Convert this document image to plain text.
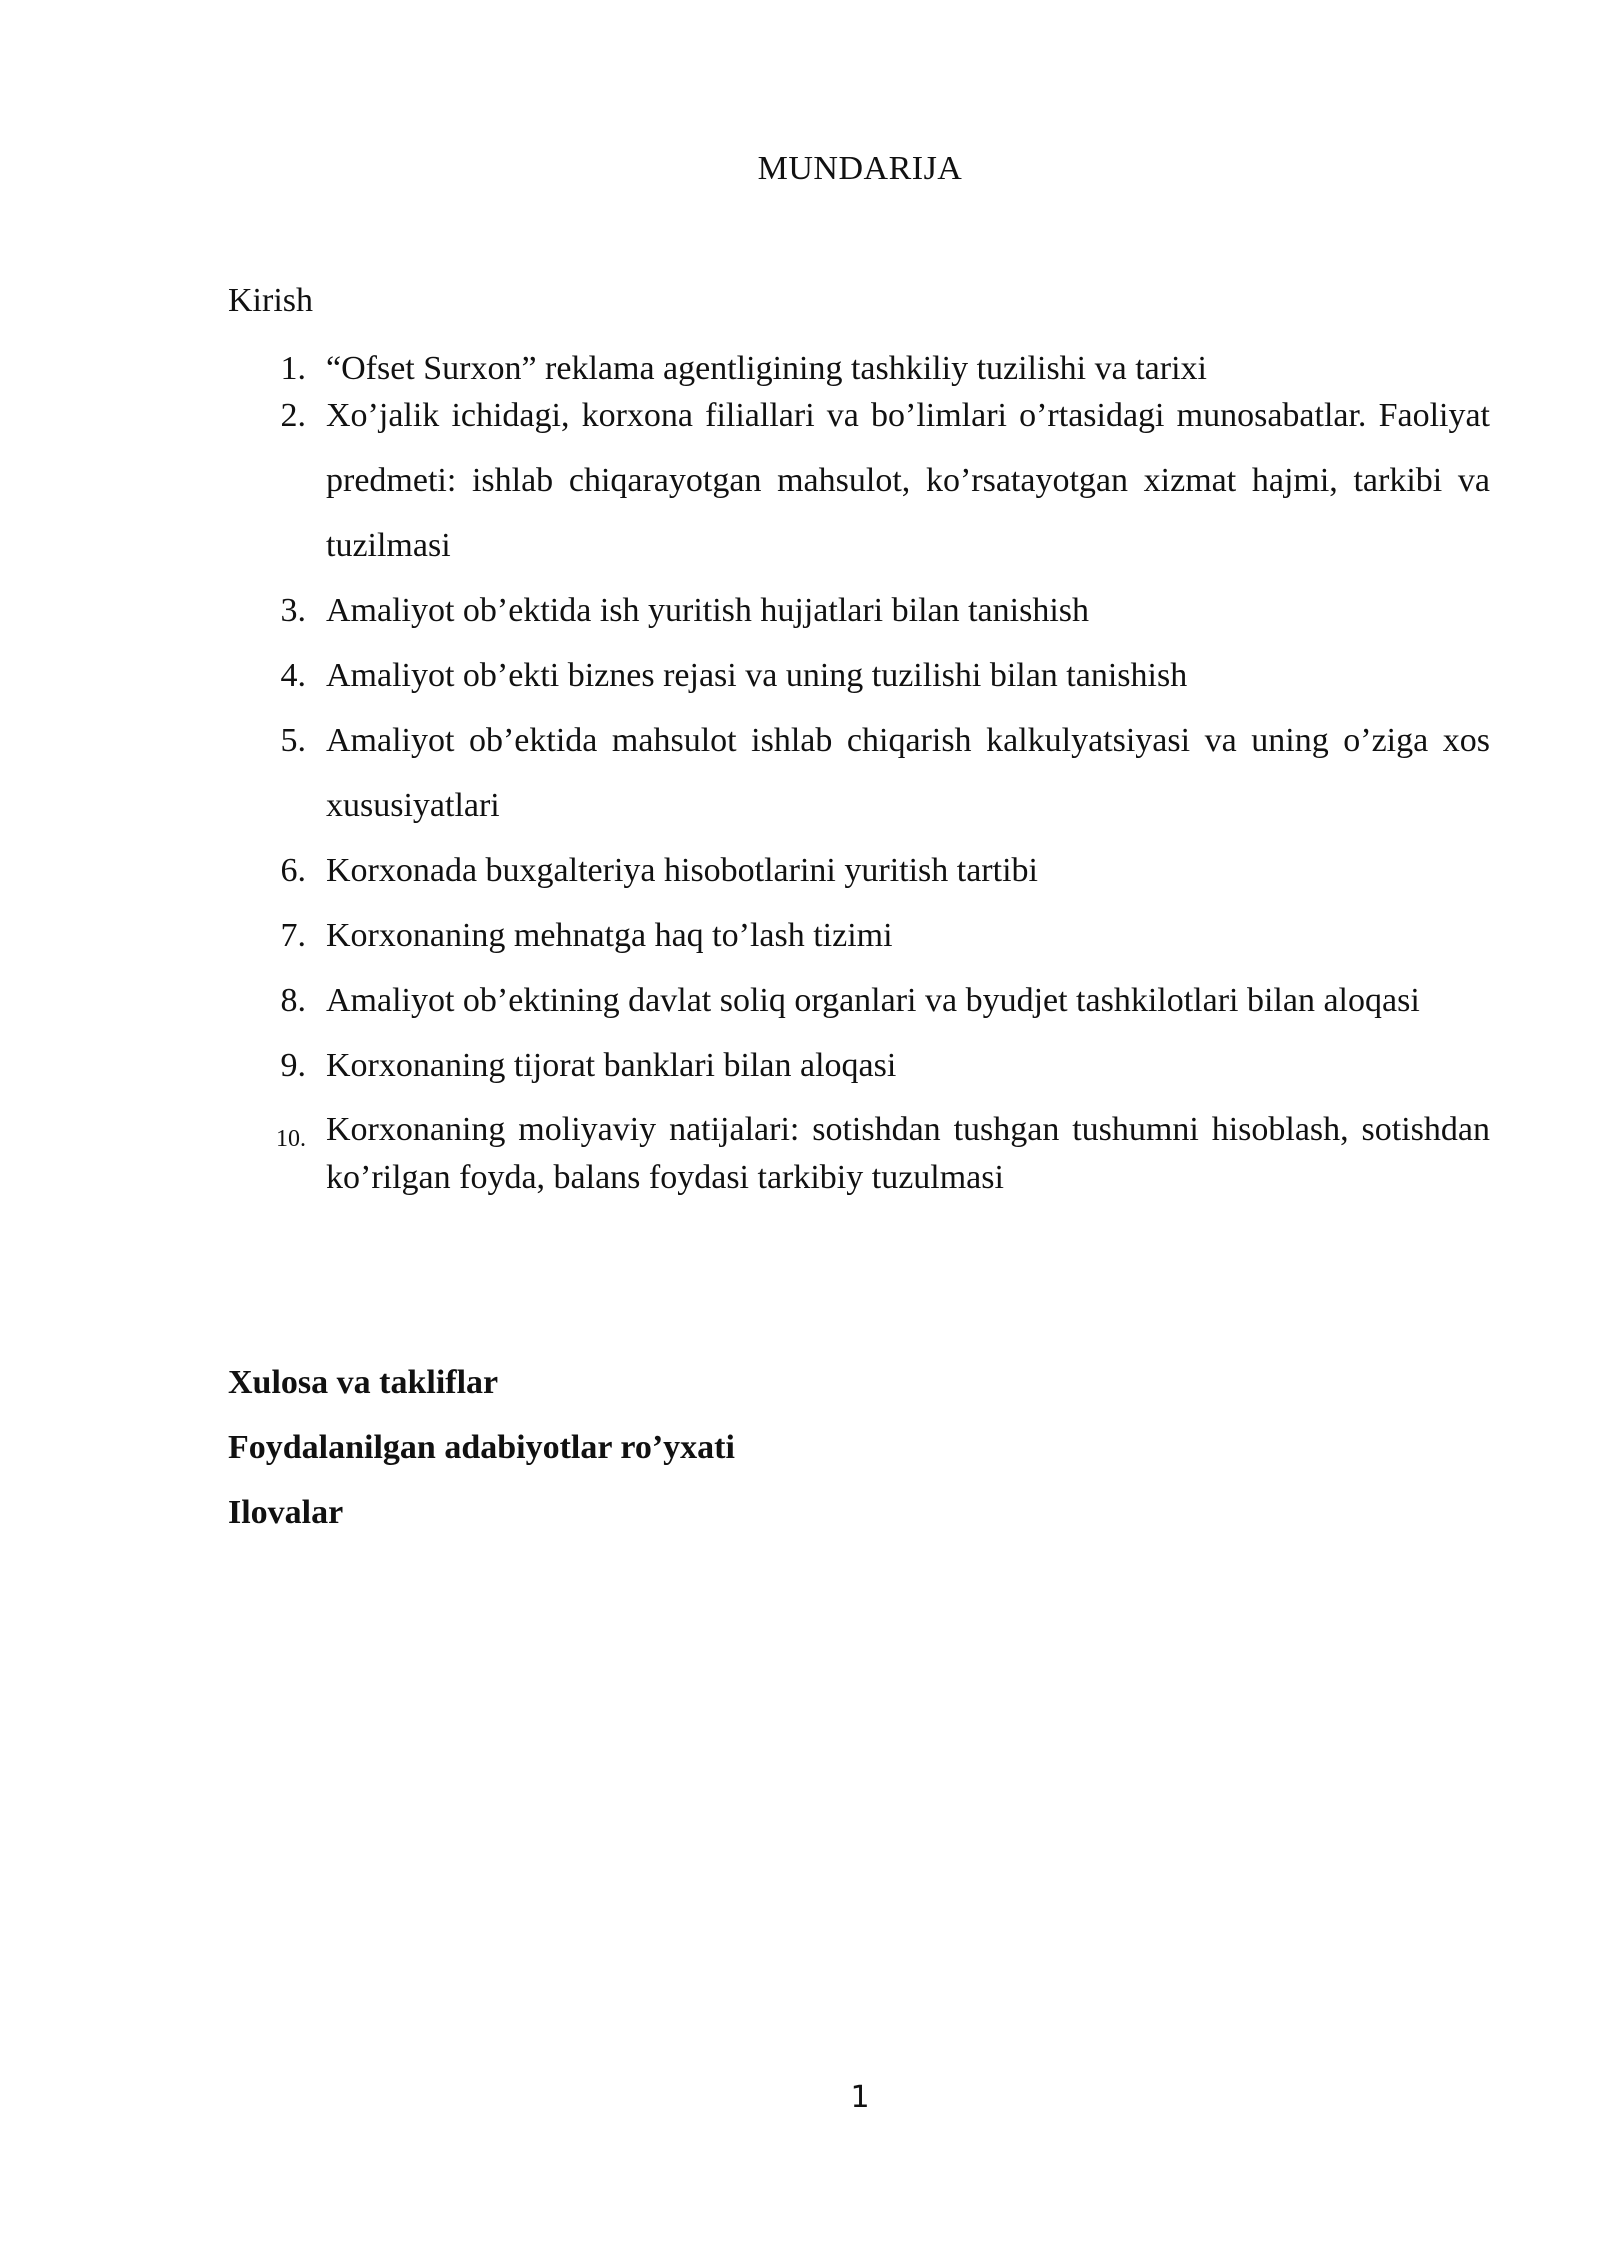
MUNDARIJA
Kirish
1. “Ofset Surxon” reklama agentligining tashkiliy tuzilishi va tarixi
2. Xo’jalik ichidagi, korxona filiallari va bo’limlari o’rtasidagi munosabatlar. Faoliyat predmeti: ishlab chiqarayotgan mahsulot, ko’rsatayotgan xizmat hajmi, tarkibi va tuzilmasi
3. Amaliyot ob’ektida ish yuritish hujjatlari bilan tanishish
4. Amaliyot ob’ekti biznes rejasi va uning tuzilishi bilan tanishish
5. Amaliyot ob’ektida mahsulot ishlab chiqarish kalkulyatsiyasi va uning o’ziga xos xususiyatlari
6. Korxonada buxgalteriya hisobotlarini yuritish tartibi
7. Korxonaning mehnatga haq to’lash tizimi
8. Amaliyot ob’ektining davlat soliq organlari va byudjet tashkilotlari bilan aloqasi
9. Korxonaning tijorat banklari bilan aloqasi
10. Korxonaning moliyaviy natijalari: sotishdan tushgan tushumni hisoblash, sotishdan ko’rilgan foyda, balans foydasi tarkibiy tuzulmasi
Xulosa va takliflar
Foydalanilgan adabiyotlar ro’yxati
Ilovalar
1
